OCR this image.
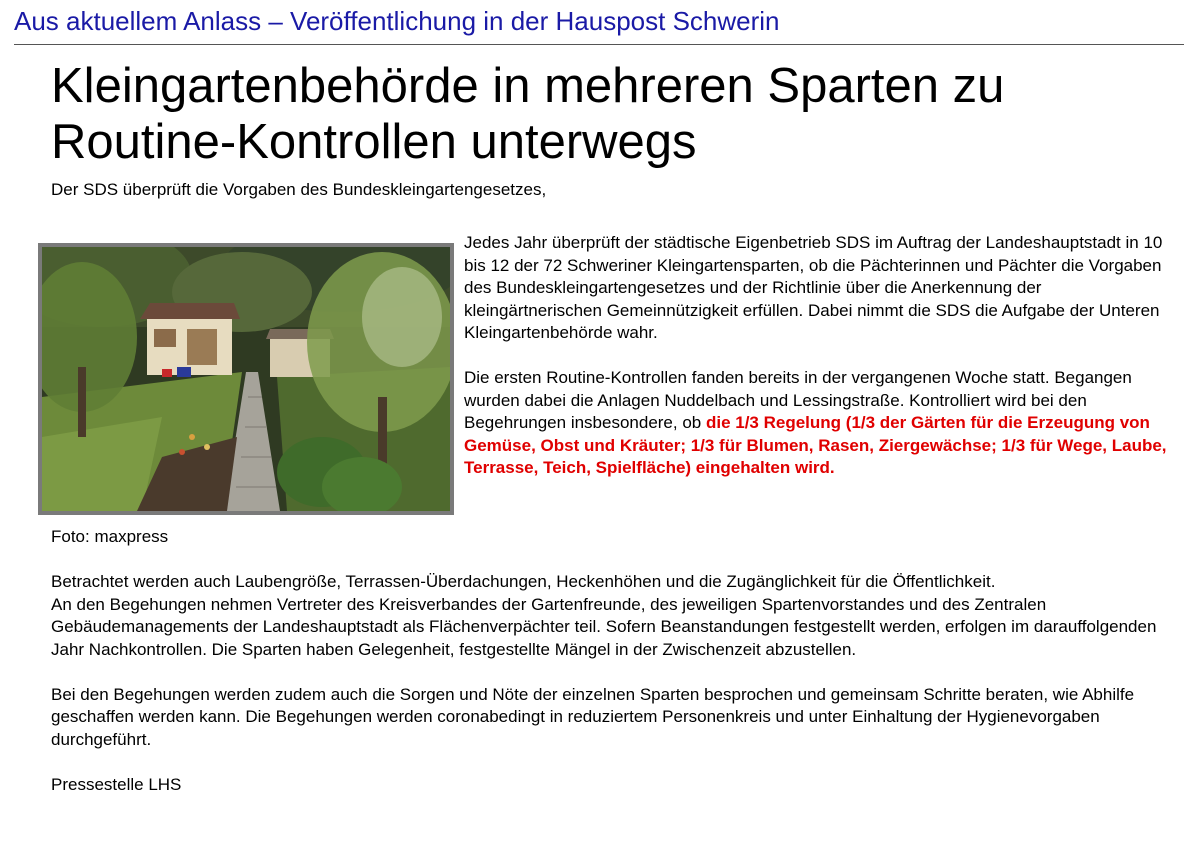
Aus aktuellem Anlass – Veröffentlichung in der Hauspost Schwerin
Kleingartenbehörde in mehreren Sparten zu Routine-Kontrollen unterwegs

Der SDS überprüft die Vorgaben des Bundeskleingartengesetzes,

Foto: maxpress

Jedes Jahr überprüft der städtische Eigenbetrieb SDS im Auftrag der Landeshauptstadt in 10 bis 12 der 72 Schweriner Kleingartensparten, ob die Pächterinnen und Pächter die Vorgaben des Bundeskleingartengesetzes und der Richtlinie über die Anerkennung der kleingärtnerischen Gemeinnützigkeit erfüllen. Dabei nimmt die SDS die Aufgabe der Unteren Kleingartenbehörde wahr.

Die ersten Routine-Kontrollen fanden bereits in der vergangenen Woche statt. Begangen wurden dabei die Anlagen Nuddelbach und Lessingstraße. Kontrolliert wird bei den Begehrungen insbesondere, ob die 1/3 Regelung (1/3 der Gärten für die Erzeugung von Gemüse, Obst und Kräuter; 1/3 für Blumen, Rasen, Ziergewächse; 1/3 für Wege, Laube, Terrasse, Teich, Spielfläche) eingehalten wird.

Betrachtet werden auch Laubengröße, Terrassen-Überdachungen, Heckenhöhen und die Zugänglichkeit für die Öffentlichkeit.

An den Begehungen nehmen Vertreter des Kreisverbandes der Gartenfreunde, des jeweiligen Spartenvorstandes und des Zentralen Gebäudemanagements der Landeshauptstadt als Flächenverpächter teil. Sofern Beanstandungen festgestellt werden, erfolgen im darauffolgenden Jahr Nachkontrollen. Die Sparten haben Gelegenheit, festgestellte Mängel in der Zwischenzeit abzustellen.

Bei den Begehungen werden zudem auch die Sorgen und Nöte der einzelnen Sparten besprochen und gemeinsam Schritte beraten, wie Abhilfe geschaffen werden kann. Die Begehungen werden coronabedingt in reduziertem Personenkreis und unter Einhaltung der Hygienevorgaben durchgeführt.

Pressestelle LHS
